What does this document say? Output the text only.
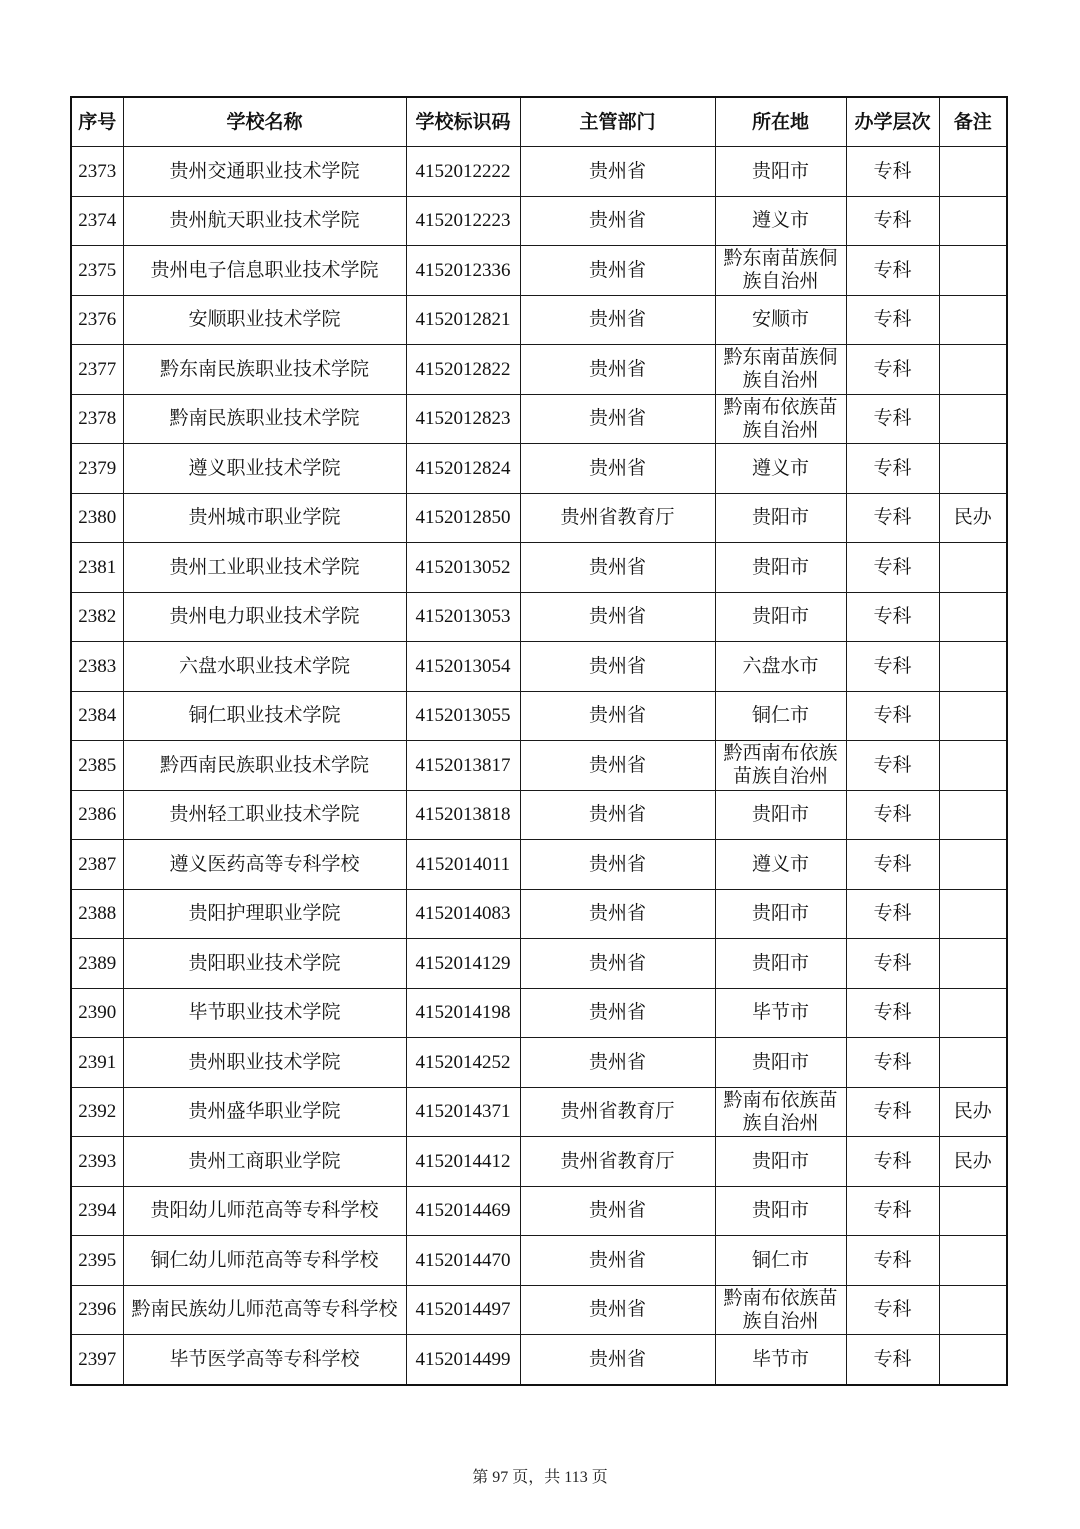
序号	学校名称	学校标识码	主管部门	所在地	办学层次	备注
2373	贵州交通职业技术学院	4152012222	贵州省	贵阳市	专科	
2374	贵州航天职业技术学院	4152012223	贵州省	遵义市	专科	
2375	贵州电子信息职业技术学院	4152012336	贵州省	黔东南苗族侗族自治州	专科	
2376	安顺职业技术学院	4152012821	贵州省	安顺市	专科	
2377	黔东南民族职业技术学院	4152012822	贵州省	黔东南苗族侗族自治州	专科	
2378	黔南民族职业技术学院	4152012823	贵州省	黔南布依族苗族自治州	专科	
2379	遵义职业技术学院	4152012824	贵州省	遵义市	专科	
2380	贵州城市职业学院	4152012850	贵州省教育厅	贵阳市	专科	民办
2381	贵州工业职业技术学院	4152013052	贵州省	贵阳市	专科	
2382	贵州电力职业技术学院	4152013053	贵州省	贵阳市	专科	
2383	六盘水职业技术学院	4152013054	贵州省	六盘水市	专科	
2384	铜仁职业技术学院	4152013055	贵州省	铜仁市	专科	
2385	黔西南民族职业技术学院	4152013817	贵州省	黔西南布依族苗族自治州	专科	
2386	贵州轻工职业技术学院	4152013818	贵州省	贵阳市	专科	
2387	遵义医药高等专科学校	4152014011	贵州省	遵义市	专科	
2388	贵阳护理职业学院	4152014083	贵州省	贵阳市	专科	
2389	贵阳职业技术学院	4152014129	贵州省	贵阳市	专科	
2390	毕节职业技术学院	4152014198	贵州省	毕节市	专科	
2391	贵州职业技术学院	4152014252	贵州省	贵阳市	专科	
2392	贵州盛华职业学院	4152014371	贵州省教育厅	黔南布依族苗族自治州	专科	民办
2393	贵州工商职业学院	4152014412	贵州省教育厅	贵阳市	专科	民办
2394	贵阳幼儿师范高等专科学校	4152014469	贵州省	贵阳市	专科	
2395	铜仁幼儿师范高等专科学校	4152014470	贵州省	铜仁市	专科	
2396	黔南民族幼儿师范高等专科学校	4152014497	贵州省	黔南布依族苗族自治州	专科	
2397	毕节医学高等专科学校	4152014499	贵州省	毕节市	专科	
第 97 页，共 113 页
